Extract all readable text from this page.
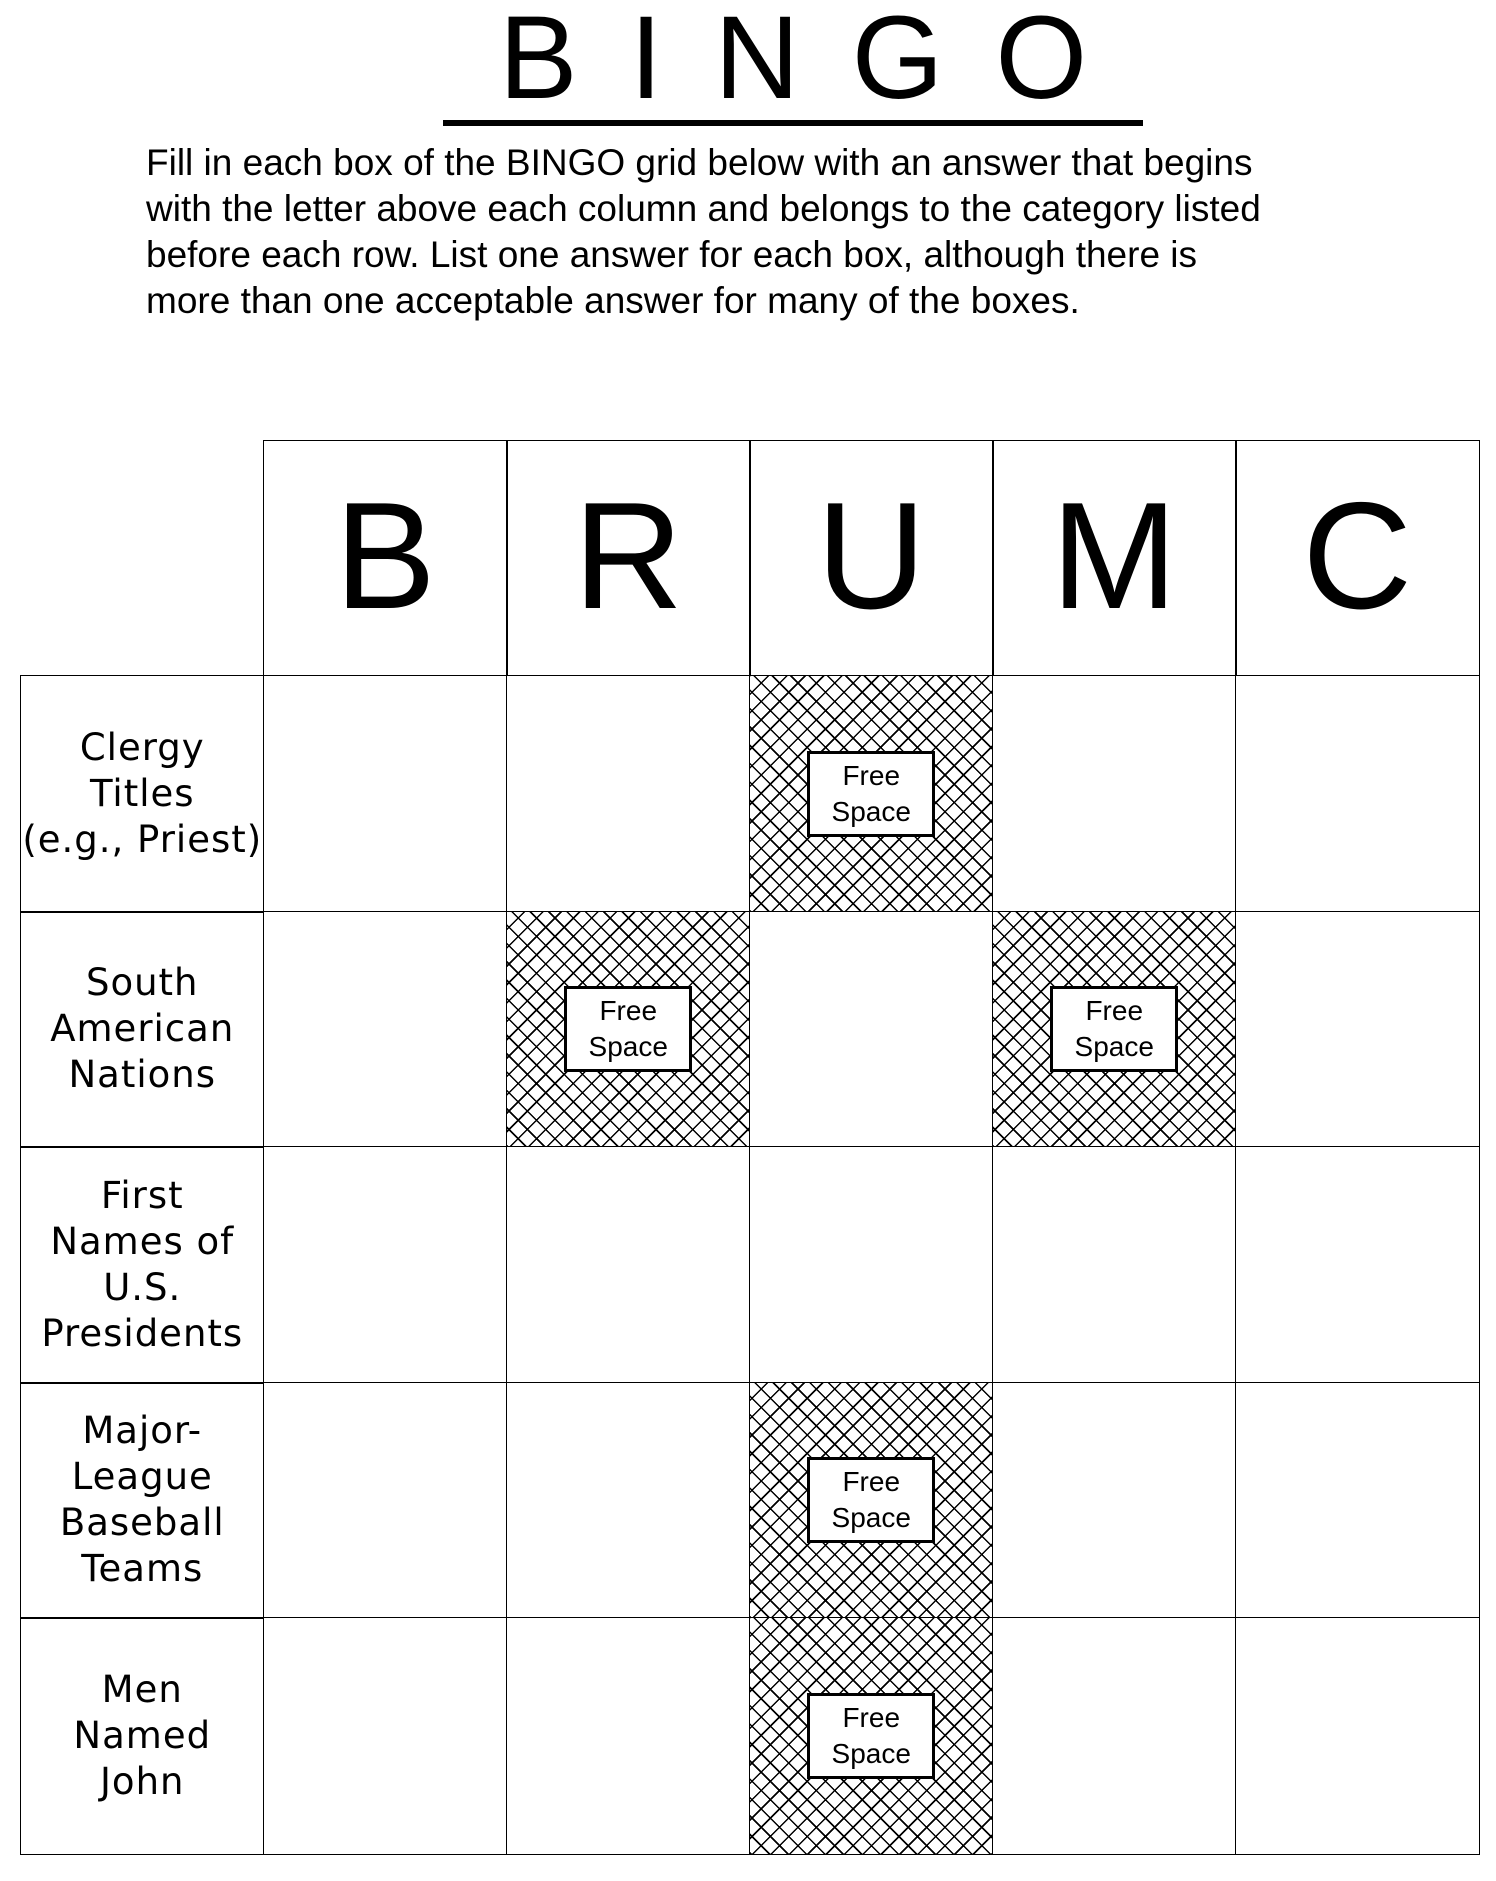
BINGO
Fill in each box of the BINGO grid below with an answer that begins
with the letter above each column and belongs to the category listed
before each row. List one answer for each box, although there is
more than one acceptable answer for many of the boxes.
B R U M C
Clergy
Titles
(e.g., Priest)
Free
Space
South
American
Nations
Free
Space
Free
Space
First
Names of
U.S.
Presidents
Major-
League
Baseball
Teams
Free
Space
Men
Named
John
Free
Space
